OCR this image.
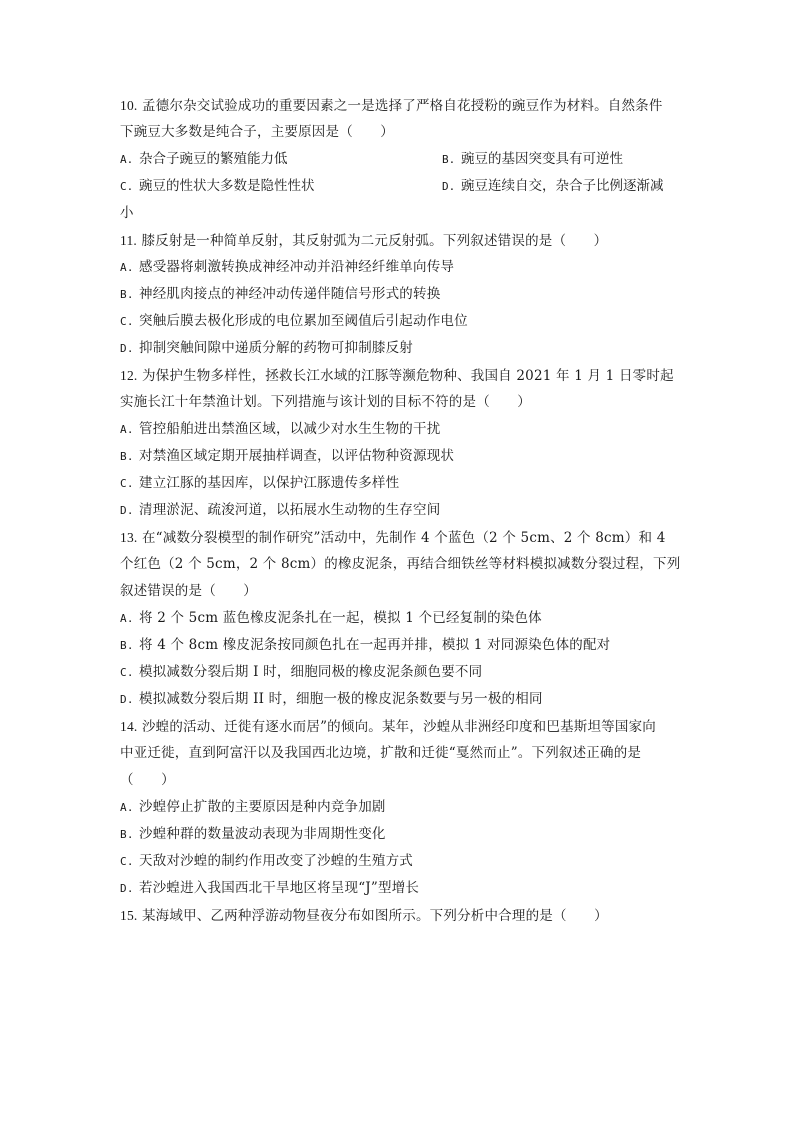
10. 孟德尔杂交试验成功的重要因素之一是选择了严格自花授粉的豌豆作为材料。自然条件
下豌豆大多数是纯合子，主要原因是（　　）
A. 杂合子豌豆的繁殖能力低	B. 豌豆的基因突变具有可逆性
C. 豌豆的性状大多数是隐性性状	D. 豌豆连续自交，杂合子比例逐渐减
小
11. 膝反射是一种简单反射，其反射弧为二元反射弧。下列叙述错误的是（　　）
A. 感受器将刺激转换成神经冲动并沿神经纤维单向传导
B. 神经肌肉接点的神经冲动传递伴随信号形式的转换
C. 突触后膜去极化形成的电位累加至阈值后引起动作电位
D. 抑制突触间隙中递质分解的药物可抑制膝反射
12. 为保护生物多样性，拯救长江水域的江豚等濒危物种、我国自 2021 年 1 月 1 日零时起
实施长江十年禁渔计划。下列措施与该计划的目标不符的是（　　）
A. 管控船舶进出禁渔区域，以减少对水生生物的干扰
B. 对禁渔区域定期开展抽样调查，以评估物种资源现状
C. 建立江豚的基因库，以保护江豚遗传多样性
D. 清理淤泥、疏浚河道，以拓展水生动物的生存空间
13. 在“减数分裂模型的制作研究”活动中，先制作 4 个蓝色（2 个 5cm、2 个 8cm）和 4
个红色（2 个 5cm，2 个 8cm）的橡皮泥条，再结合细铁丝等材料模拟减数分裂过程，下列
叙述错误的是（　　）
A. 将 2 个 5cm 蓝色橡皮泥条扎在一起，模拟 1 个已经复制的染色体
B. 将 4 个 8cm 橡皮泥条按同颜色扎在一起再并排，模拟 1 对同源染色体的配对
C. 模拟减数分裂后期 I 时，细胞同极的橡皮泥条颜色要不同
D. 模拟减数分裂后期 II 时，细胞一极的橡皮泥条数要与另一极的相同
14. 沙蝗的活动、迁徙有逐水而居”的倾向。某年，沙蝗从非洲经印度和巴基斯坦等国家向
中亚迁徙，直到阿富汗以及我国西北边境，扩散和迁徙“戛然而止”。下列叙述正确的是
（　　）
A. 沙蝗停止扩散的主要原因是种内竞争加剧
B. 沙蝗种群的数量波动表现为非周期性变化
C. 天敌对沙蝗的制约作用改变了沙蝗的生殖方式
D. 若沙蝗进入我国西北干旱地区将呈现“J”型增长
15. 某海域甲、乙两种浮游动物昼夜分布如图所示。下列分析中合理的是（　　）
